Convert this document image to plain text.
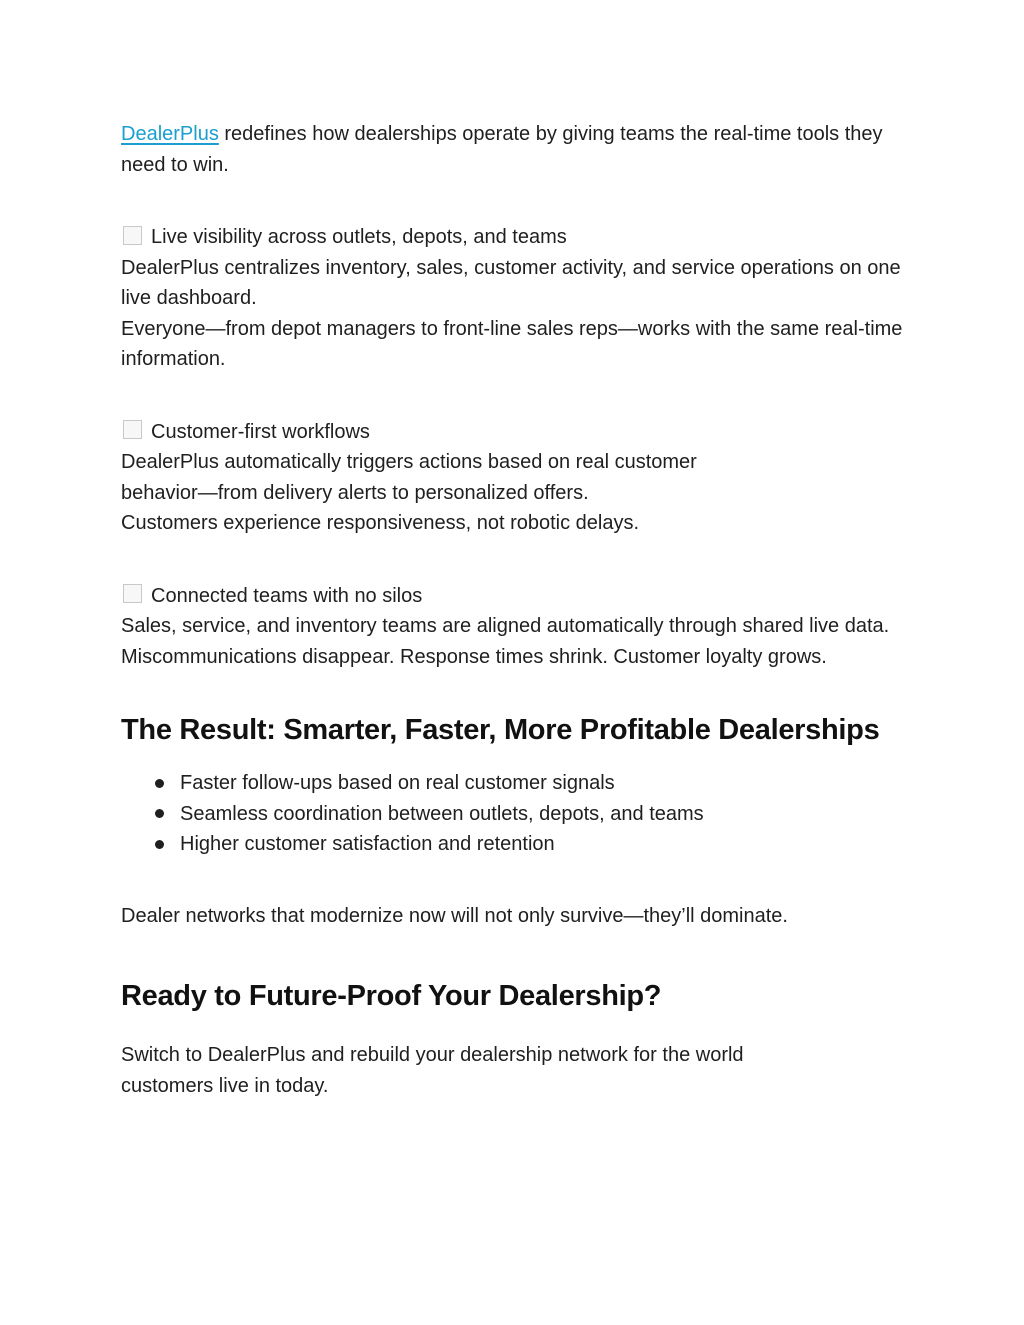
DealerPlus redefines how dealerships operate by giving teams the real-time tools they need to win.

Live visibility across outlets, depots, and teams

DealerPlus centralizes inventory, sales, customer activity, and service operations on one live dashboard.

Everyone—from depot managers to front-line sales reps—works with the same real-time information.

Customer-first workflows

DealerPlus automatically triggers actions based on real customer behavior—from delivery alerts to personalized offers.

Customers experience responsiveness, not robotic delays.

Connected teams with no silos

Sales, service, and inventory teams are aligned automatically through shared live data.

Miscommunications disappear. Response times shrink. Customer loyalty grows.

The Result: Smarter, Faster, More Profitable Dealerships
Faster follow-ups based on real customer signals
Seamless coordination between outlets, depots, and teams
Higher customer satisfaction and retention

Dealer networks that modernize now will not only survive—they’ll dominate.

Ready to Future-Proof Your Dealership?

Switch to DealerPlus and rebuild your dealership network for the world customers live in today.
